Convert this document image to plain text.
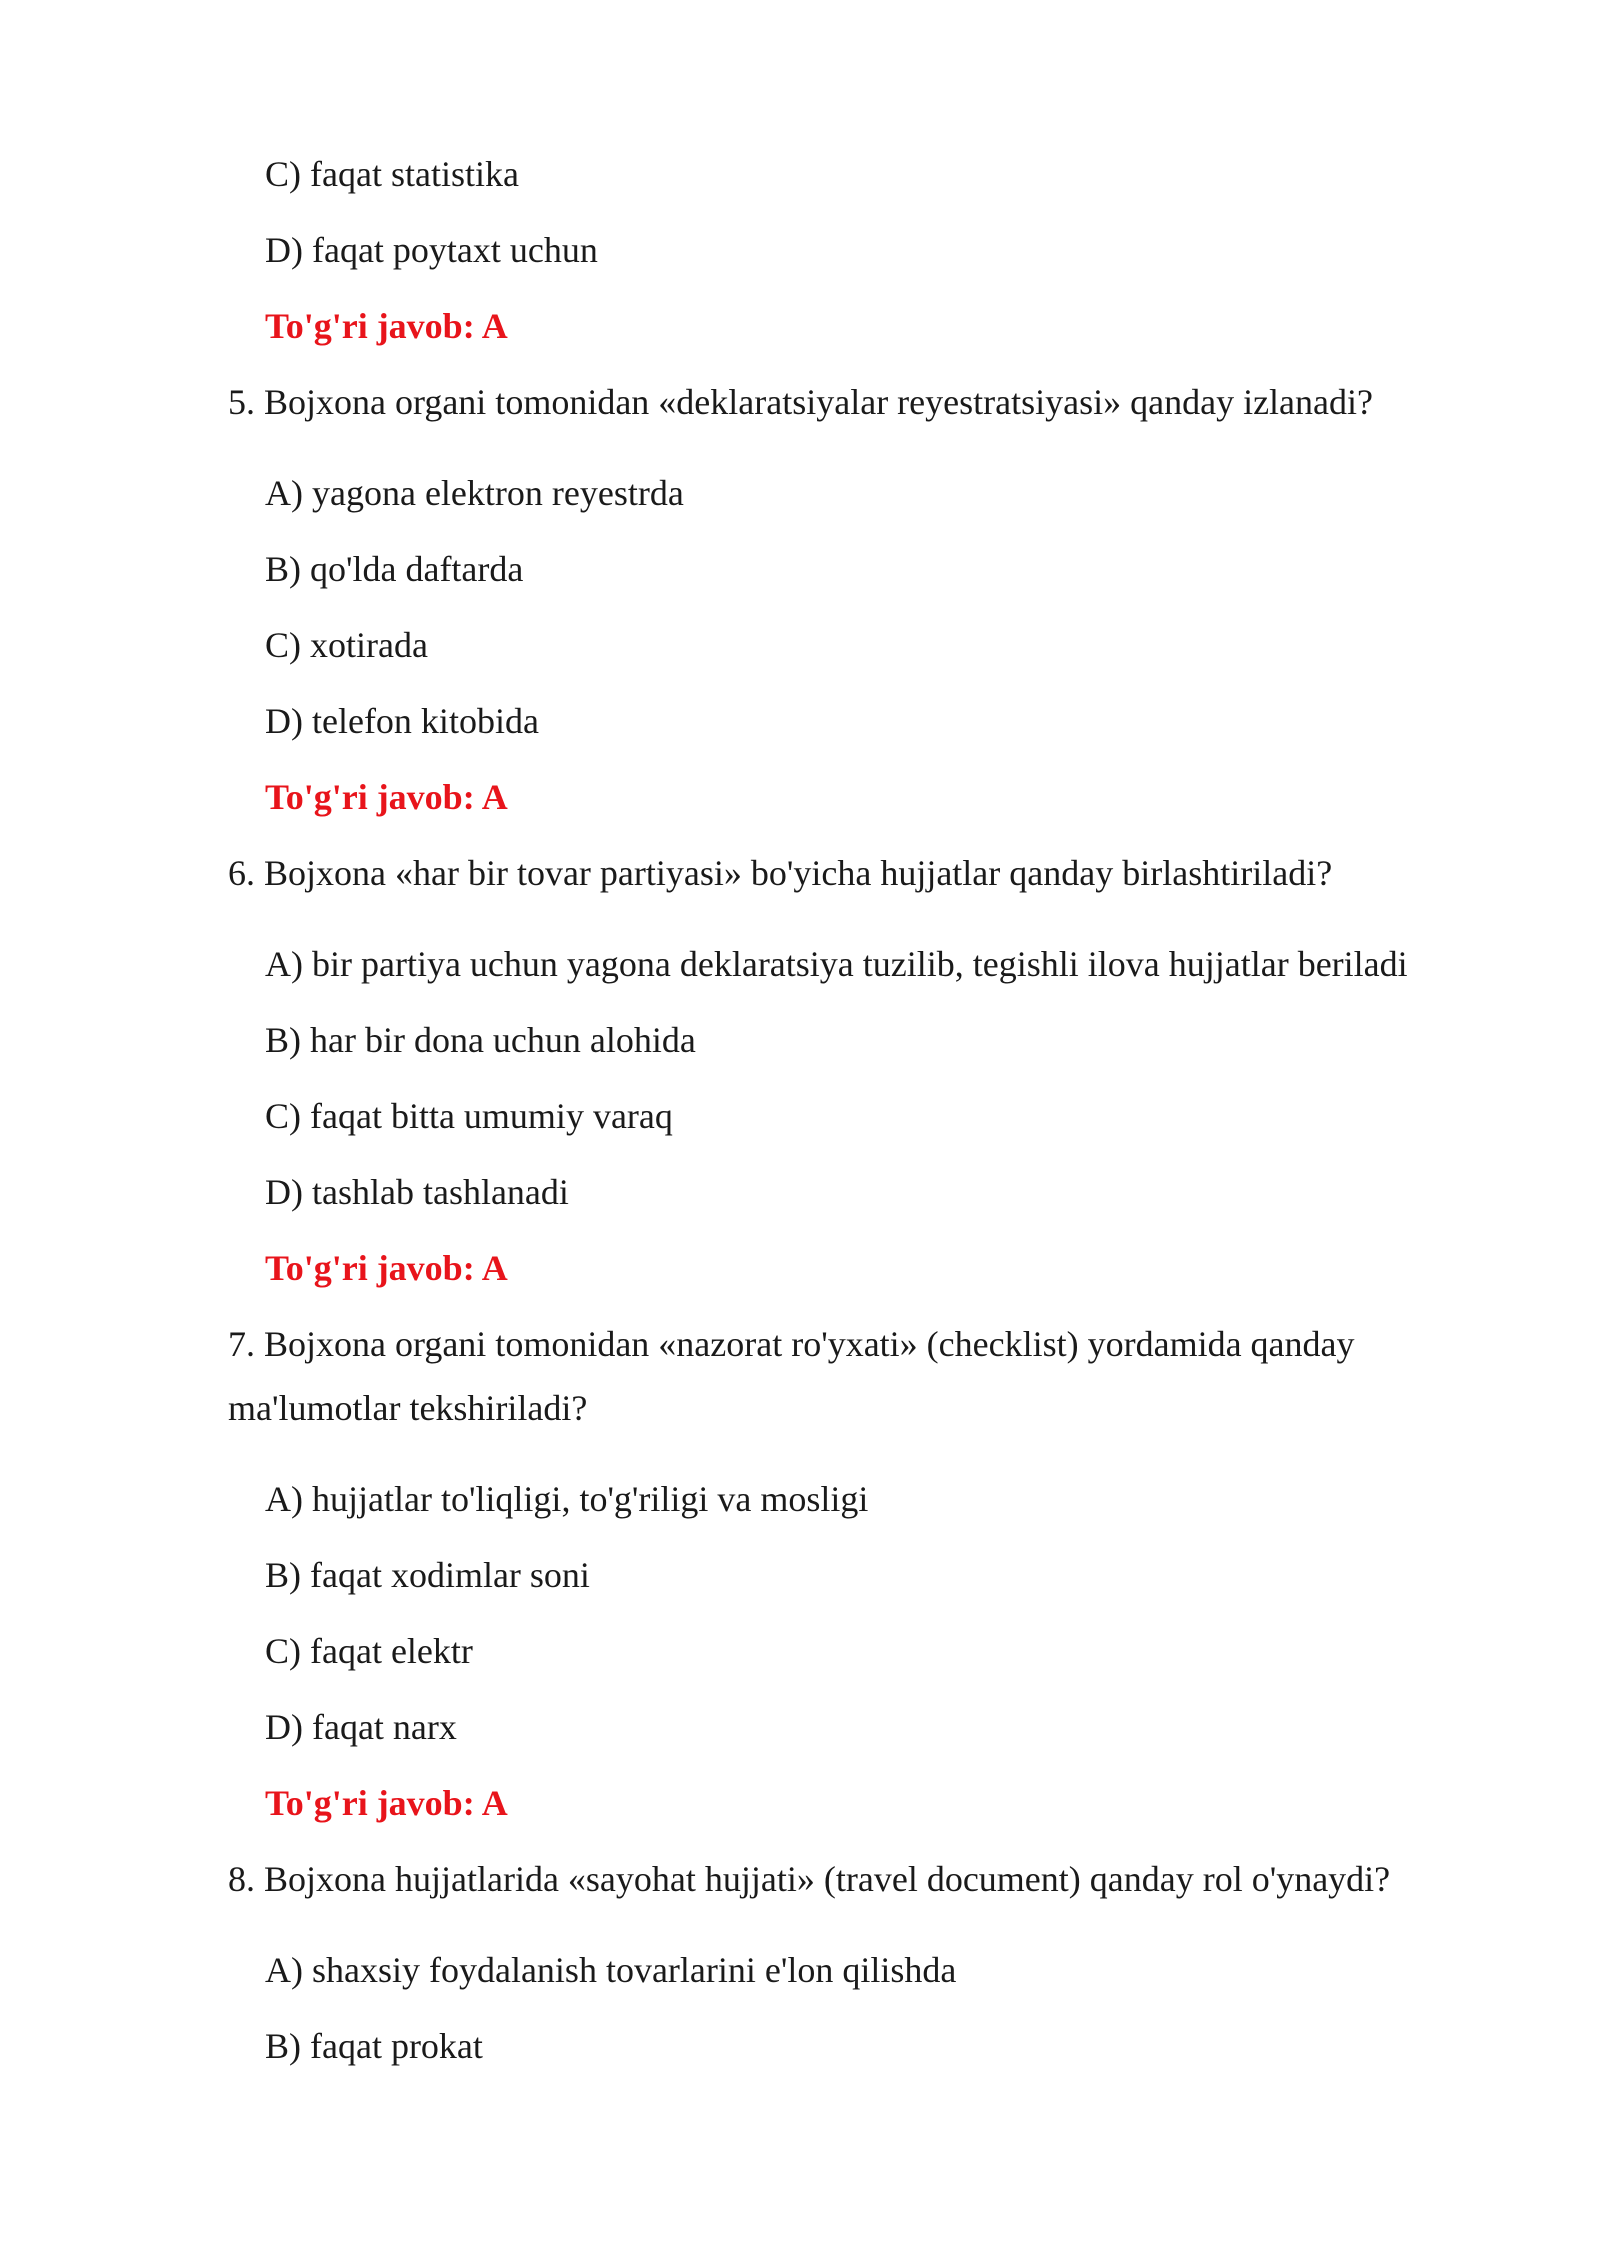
C) faqat statistika
D) faqat poytaxt uchun
To'g'ri javob: A
5. Bojxona organi tomonidan «deklaratsiyalar reyestratsiyasi» qanday izlanadi?
A) yagona elektron reyestrda
B) qo'lda daftarda
C) xotirada
D) telefon kitobida
To'g'ri javob: A
6. Bojxona «har bir tovar partiyasi» bo'yicha hujjatlar qanday birlashtiriladi?
A) bir partiya uchun yagona deklaratsiya tuzilib, tegishli ilova hujjatlar beriladi
B) har bir dona uchun alohida
C) faqat bitta umumiy varaq
D) tashlab tashlanadi
To'g'ri javob: A
7. Bojxona organi tomonidan «nazorat ro'yxati» (checklist) yordamida qanday
ma'lumotlar tekshiriladi?
A) hujjatlar to'liqligi, to'g'riligi va mosligi
B) faqat xodimlar soni
C) faqat elektr
D) faqat narx
To'g'ri javob: A
8. Bojxona hujjatlarida «sayohat hujjati» (travel document) qanday rol o'ynaydi?
A) shaxsiy foydalanish tovarlarini e'lon qilishda
B) faqat prokat
